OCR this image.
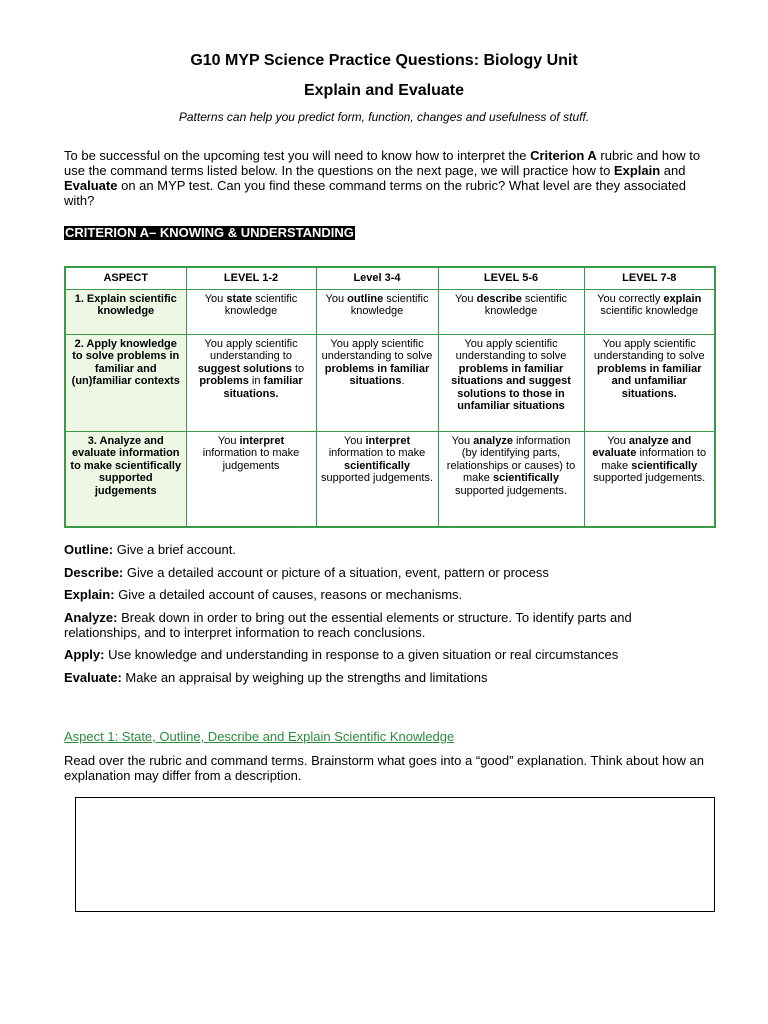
G10 MYP Science Practice Questions: Biology Unit
Explain and Evaluate
Patterns can help you predict form, function, changes and usefulness of stuff.
To be successful on the upcoming test you will need to know how to interpret the Criterion A rubric and how to use the command terms listed below. In the questions on the next page, we will practice how to Explain and Evaluate on an MYP test. Can you find these command terms on the rubric? What level are they associated with?
CRITERION A– KNOWING & UNDERSTANDING
ASPECT	LEVEL 1-2	Level 3-4	LEVEL 5-6	LEVEL 7-8
1. Explain scientific knowledge	You state scientific knowledge	You outline scientific knowledge	You describe scientific knowledge	You correctly explain scientific knowledge
2. Apply knowledge to solve problems in familiar and (un)familiar contexts	You apply scientific understanding to suggest solutions to problems in familiar situations.	You apply scientific understanding to solve problems in familiar situations.	You apply scientific understanding to solve problems in familiar situations and suggest solutions to those in unfamiliar situations	You apply scientific understanding to solve problems in familiar and unfamiliar situations.
3. Analyze and evaluate information to make scientifically supported judgements	You interpret information to make judgements	You interpret information to make scientifically supported judgements.	You analyze information (by identifying parts, relationships or causes) to make scientifically supported judgements.	You analyze and evaluate information to make scientifically supported judgements.
Outline: Give a brief account.
Describe: Give a detailed account or picture of a situation, event, pattern or process
Explain: Give a detailed account of causes, reasons or mechanisms.
Analyze: Break down in order to bring out the essential elements or structure. To identify parts and relationships, and to interpret information to reach conclusions.
Apply: Use knowledge and understanding in response to a given situation or real circumstances
Evaluate: Make an appraisal by weighing up the strengths and limitations
Aspect 1: State, Outline, Describe and Explain Scientific Knowledge
Read over the rubric and command terms. Brainstorm what goes into a “good” explanation. Think about how an explanation may differ from a description.
